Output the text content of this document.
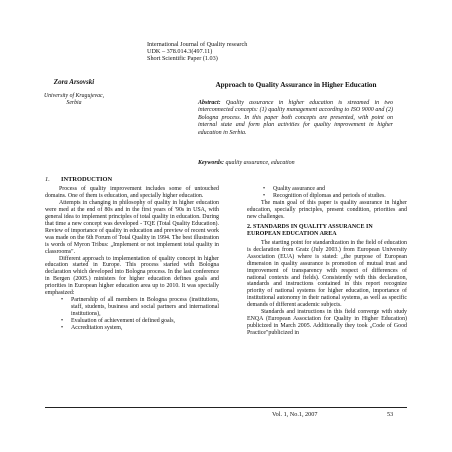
International Journal of Quality research
UDK – 378.014.3(497.11)
Short Scientific Paper (1.03)
Zora Arsovski
University of Kragujevac,
Serbia
Approach to Quality Assurance in Higher Education
Abstract: Quality assurance in higher education is streamed in two interconnected concepts: (1) quality management according to ISO 9000 and (2) Bologna process. In this paper both concepts are presented, with point on internal state and form plan activities for quality improvement in higher education in Serbia.
Keywords: quality assurance, education
1. INTRODUCTION

Process of quality improvement includes some of untouched domains. One of them is education, and specially higher education.

Attempts in changing in philosophy of quality in higher education were med at the end of 80s and in the first years of '90s in USA, with general idea to implement principles of total quality in education. During that time a new concept was developed - TQE (Total Quality Education). Review of importance of quality in education and preview of recent work was made on the 6th Forum of Total Quality in 1994. The best illustration is words of Myron Tribus: „Implement or not implement total quality in classrooms".

Different approach to implementation of quality concept in higher education started in Europe. This process started with Bologna declaration which developed into Bologna process. In the last conference in Bergen (2005.) ministers for higher education defines goals and priorities in European higher education area up to 2010. It was specially emphasized:

• Partnership of all members in Bologna process (institutions, staff, students, business and social partners and international institutions),
• Evaluation of achievement of defined goals,
• Accreditation system,
• Quality assurance and
• Recognition of diplomas and periods of studies.

The main goal of this paper is quality assurance in higher education, specially principles, present condition, priorities and new challenges.

2. STANDARDS IN QUALITY ASSURANCE IN EUROPEAN EDUCATION AREA

The starting point for standardization in the field of education is declaration from Gratz (July 2003.) from European University Association (EUA) where is stated: „the purpose of European dimension in quality assurance is promotion of mutual trust and improvement of transparency with respect of differences of national contexts and fields). Consistently with this declaration, standards and instructions contained in this report recognize priority of national systems for higher education, importance of institutional autonomy in their national systems, as well as specific demands of different academic subjects.

Standards and instructions in this field converge with study ENQA (European Association for Quality in Higher Education) publicized in March 2005. Additionally they took „Code of Good Practice"publicized in

Vol. 1, No.1, 2007	53
